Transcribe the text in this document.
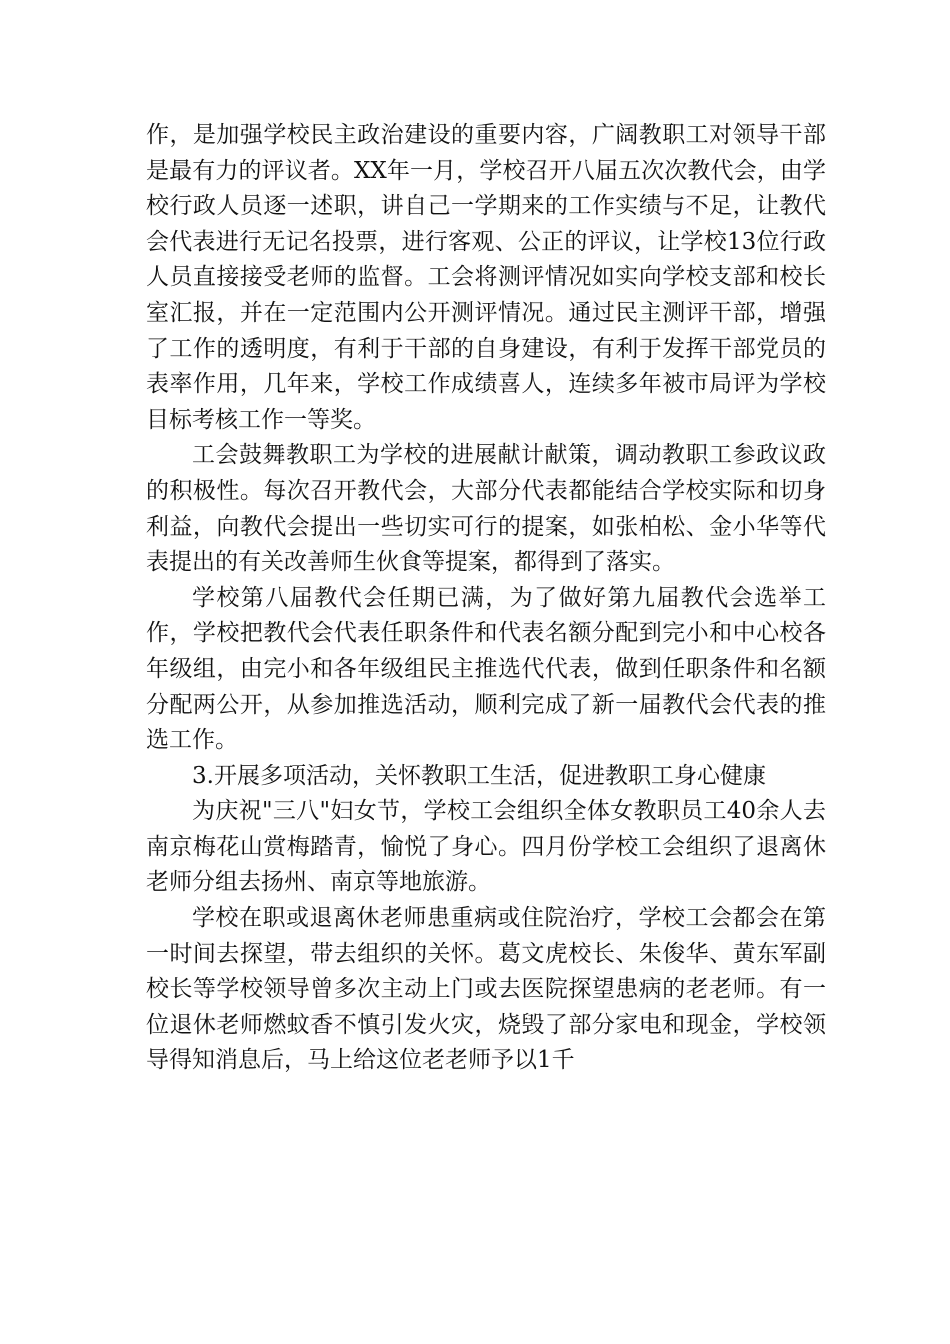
作，是加强学校民主政治建设的重要内容，广阔教职工对领导干部是最有力的评议者。XX年一月，学校召开八届五次次教代会，由学校行政人员逐一述职，讲自己一学期来的工作实绩与不足，让教代会代表进行无记名投票，进行客观、公正的评议，让学校13位行政人员直接接受老师的监督。工会将测评情况如实向学校支部和校长室汇报，并在一定范围内公开测评情况。通过民主测评干部，增强了工作的透明度，有利于干部的自身建设，有利于发挥干部党员的表率作用，几年来，学校工作成绩喜人，连续多年被市局评为学校目标考核工作一等奖。

工会鼓舞教职工为学校的进展献计献策，调动教职工参政议政的积极性。每次召开教代会，大部分代表都能结合学校实际和切身利益，向教代会提出一些切实可行的提案，如张柏松、金小华等代表提出的有关改善师生伙食等提案，都得到了落实。

学校第八届教代会任期已满，为了做好第九届教代会选举工作，学校把教代会代表任职条件和代表名额分配到完小和中心校各年级组，由完小和各年级组民主推选代代表，做到任职条件和名额分配两公开，从参加推选活动，顺利完成了新一届教代会代表的推选工作。

3.开展多项活动，关怀教职工生活，促进教职工身心健康

为庆祝"三八"妇女节，学校工会组织全体女教职员工40余人去南京梅花山赏梅踏青，愉悦了身心。四月份学校工会组织了退离休老师分组去扬州、南京等地旅游。

学校在职或退离休老师患重病或住院治疗，学校工会都会在第一时间去探望，带去组织的关怀。葛文虎校长、朱俊华、黄东军副校长等学校领导曾多次主动上门或去医院探望患病的老老师。有一位退休老师燃蚊香不慎引发火灾，烧毁了部分家电和现金，学校领导得知消息后，马上给这位老老师予以1千
